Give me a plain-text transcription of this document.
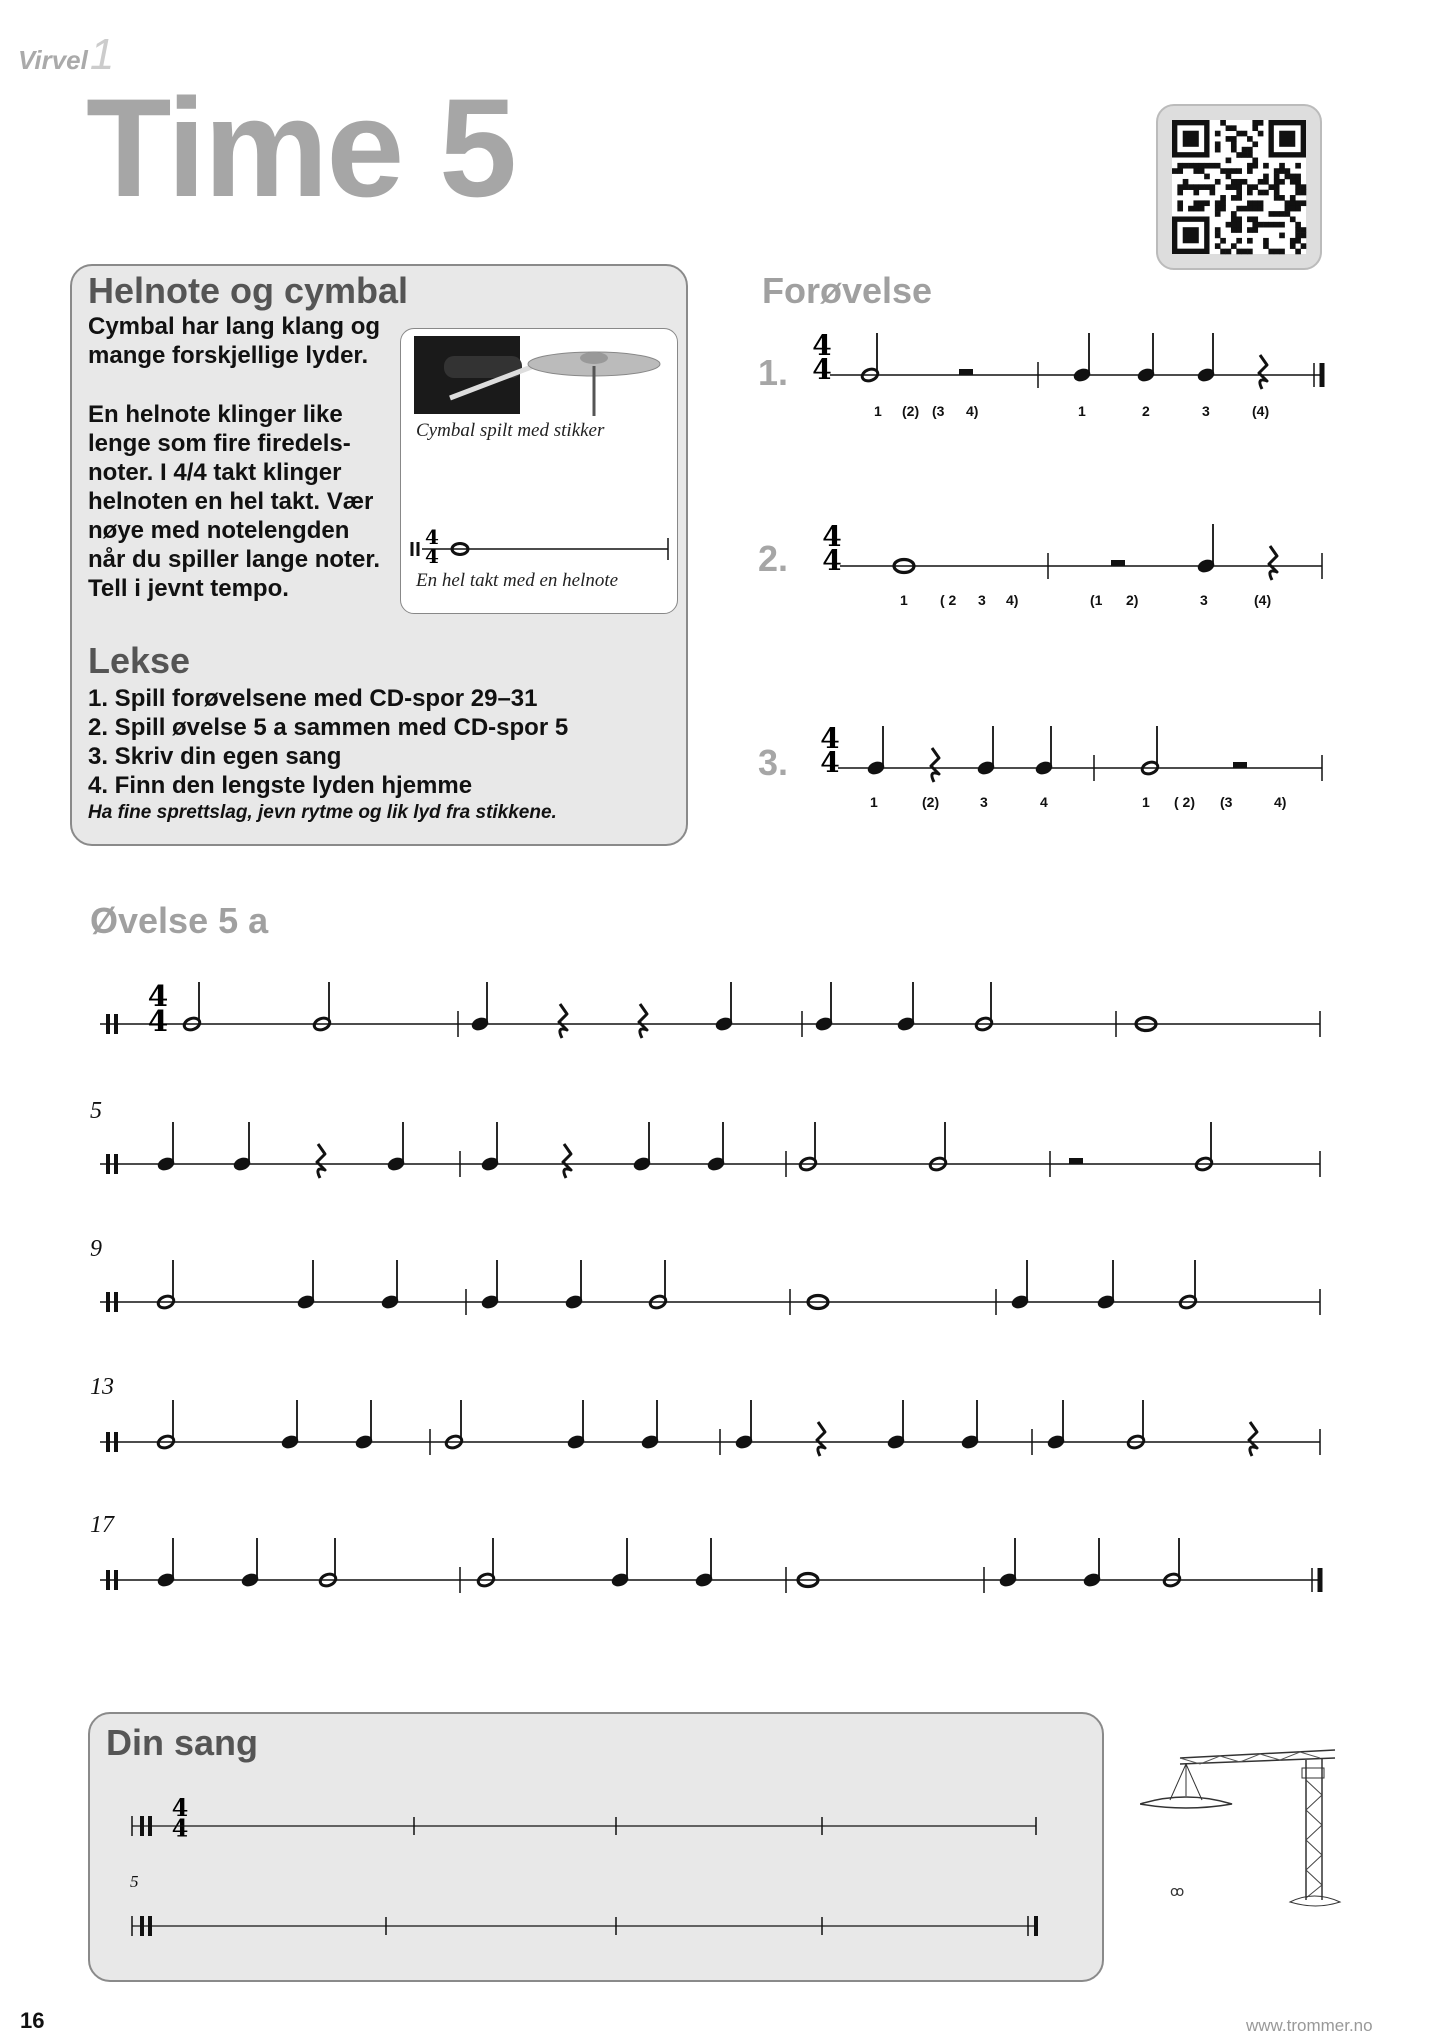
Virvel1
Time 5
Helnote og cymbal
Cymbal har lang klang og
mange forskjellige lyder.
En helnote klinger like
lenge som fire firedels-
noter. I 4/4 takt klinger
helnoten en hel takt. Vær
nøye med notelengden
når du spiller lange noter.
Tell i jevnt tempo.
Cymbal spilt med stikker
4
4
En hel takt med en helnote
Lekse
1. Spill forøvelsene med CD-spor 29–31
2. Spill øvelse 5 a sammen med CD-spor 5
3. Skriv din egen sang
4. Finn den lengste lyden hjemme
Ha fine sprettslag, jevn rytme og lik lyd fra stikkene.
Forøvelse
1.
1 (2) (3 4)	1	2	3	(4)
2.
1 ( 2 3 4)	(1 2)	3	(4)
3.
1	(2)	3	4	1 ( 2) (3	4)
Øvelse 5 a
5
9
13
17
Din sang
5
ꝏ
16	www.trommer.no
4
4
4
4
4
4
4
4
4
4
